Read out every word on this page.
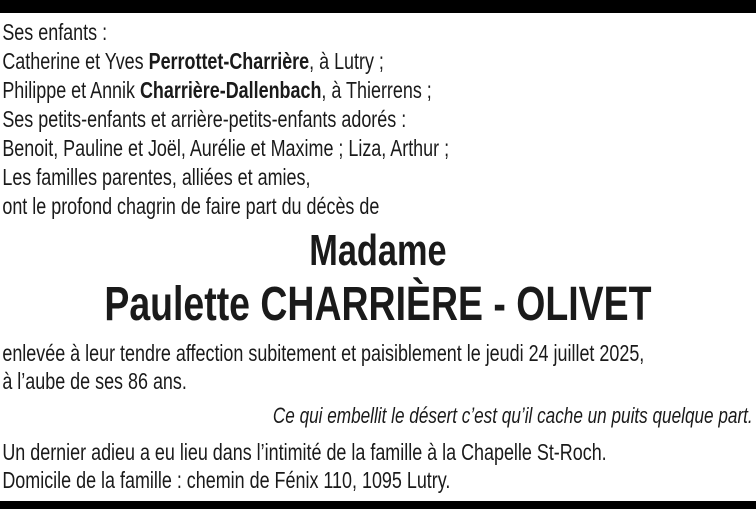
Ses enfants :
Catherine et Yves Perrottet-Charrière, à Lutry ;
Philippe et Annik Charrière-Dallenbach, à Thierrens ;
Ses petits-enfants et arrière-petits-enfants adorés :
Benoit, Pauline et Joël, Aurélie et Maxime ; Liza, Arthur ;
Les familles parentes, alliées et amies,
ont le profond chagrin de faire part du décès de
Madame
Paulette CHARRIÈRE - OLIVET
enlevée à leur tendre affection subitement et paisiblement le jeudi 24 juillet 2025,
à l’aube de ses 86 ans.
Ce qui embellit le désert c’est qu’il cache un puits quelque part.
Un dernier adieu a eu lieu dans l’intimité de la famille à la Chapelle St-Roch.
Domicile de la famille : chemin de Fénix 110, 1095 Lutry.
